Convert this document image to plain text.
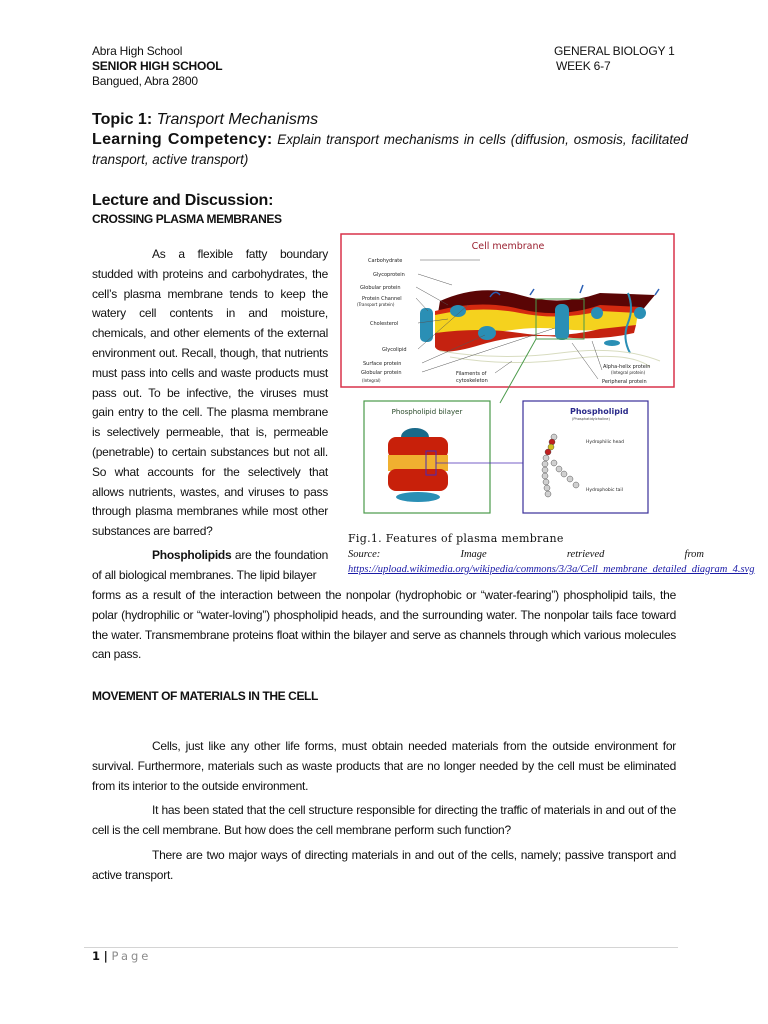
Abra High School
SENIOR HIGH SCHOOL
Bangued, Abra 2800
GENERAL BIOLOGY 1
WEEK 6-7
Topic 1: Transport Mechanisms
Learning Competency: Explain transport mechanisms in cells (diffusion, osmosis, facilitated transport, active transport)
Lecture and Discussion:
CROSSING PLASMA MEMBRANES
As a flexible fatty boundary studded with proteins and carbohydrates, the cell’s plasma membrane tends to keep the watery cell contents in and moisture, chemicals, and other elements of the external environment out. Recall, though, that nutrients must pass into cells and waste products must pass out. To be infective, the viruses must gain entry to the cell. The plasma membrane is selectively permeable, that is, permeable (penetrable) to certain substances but not all. So what accounts for the selectively that allows nutrients, wastes, and viruses to pass through plasma membranes while most other substances are barred?
Cell membrane
Carbohydrate
Glycoprotein
Globular protein
Protein Channel
(Transport protein)
Cholesterol
Glycolipid
Surface protein
Globular protein
(Integral)
Filaments of
cytoskeleton
Alpha-helix protein
(Integral protein)
Peripheral protein
Phospholipid bilayer	Phospholipid
(Phosphatidylcholine)
Hydrophilic head
Hydrophobic tail
Fig.1. Features of plasma membrane
Source: Image retrieved from https://upload.wikimedia.org/wikipedia/commons/3/3a/Cell_membrane_detailed_diagram_4.svg
Phospholipids are the foundation of all biological membranes. The lipid bilayer
forms as a result of the interaction between the nonpolar (hydrophobic or “water-fearing”) phospholipid tails, the polar (hydrophilic or “water-loving”) phospholipid heads, and the surrounding water. The nonpolar tails face toward the water. Transmembrane proteins float within the bilayer and serve as channels through which various molecules can pass.
MOVEMENT OF MATERIALS IN THE CELL
Cells, just like any other life forms, must obtain needed materials from the outside environment for survival. Furthermore, materials such as waste products that are no longer needed by the cell must be eliminated from its interior to the outside environment.
It has been stated that the cell structure responsible for directing the traffic of materials in and out of the cell is the cell membrane. But how does the cell membrane perform such function?
There are two major ways of directing materials in and out of the cells, namely; passive transport and active transport.
1 | Page
